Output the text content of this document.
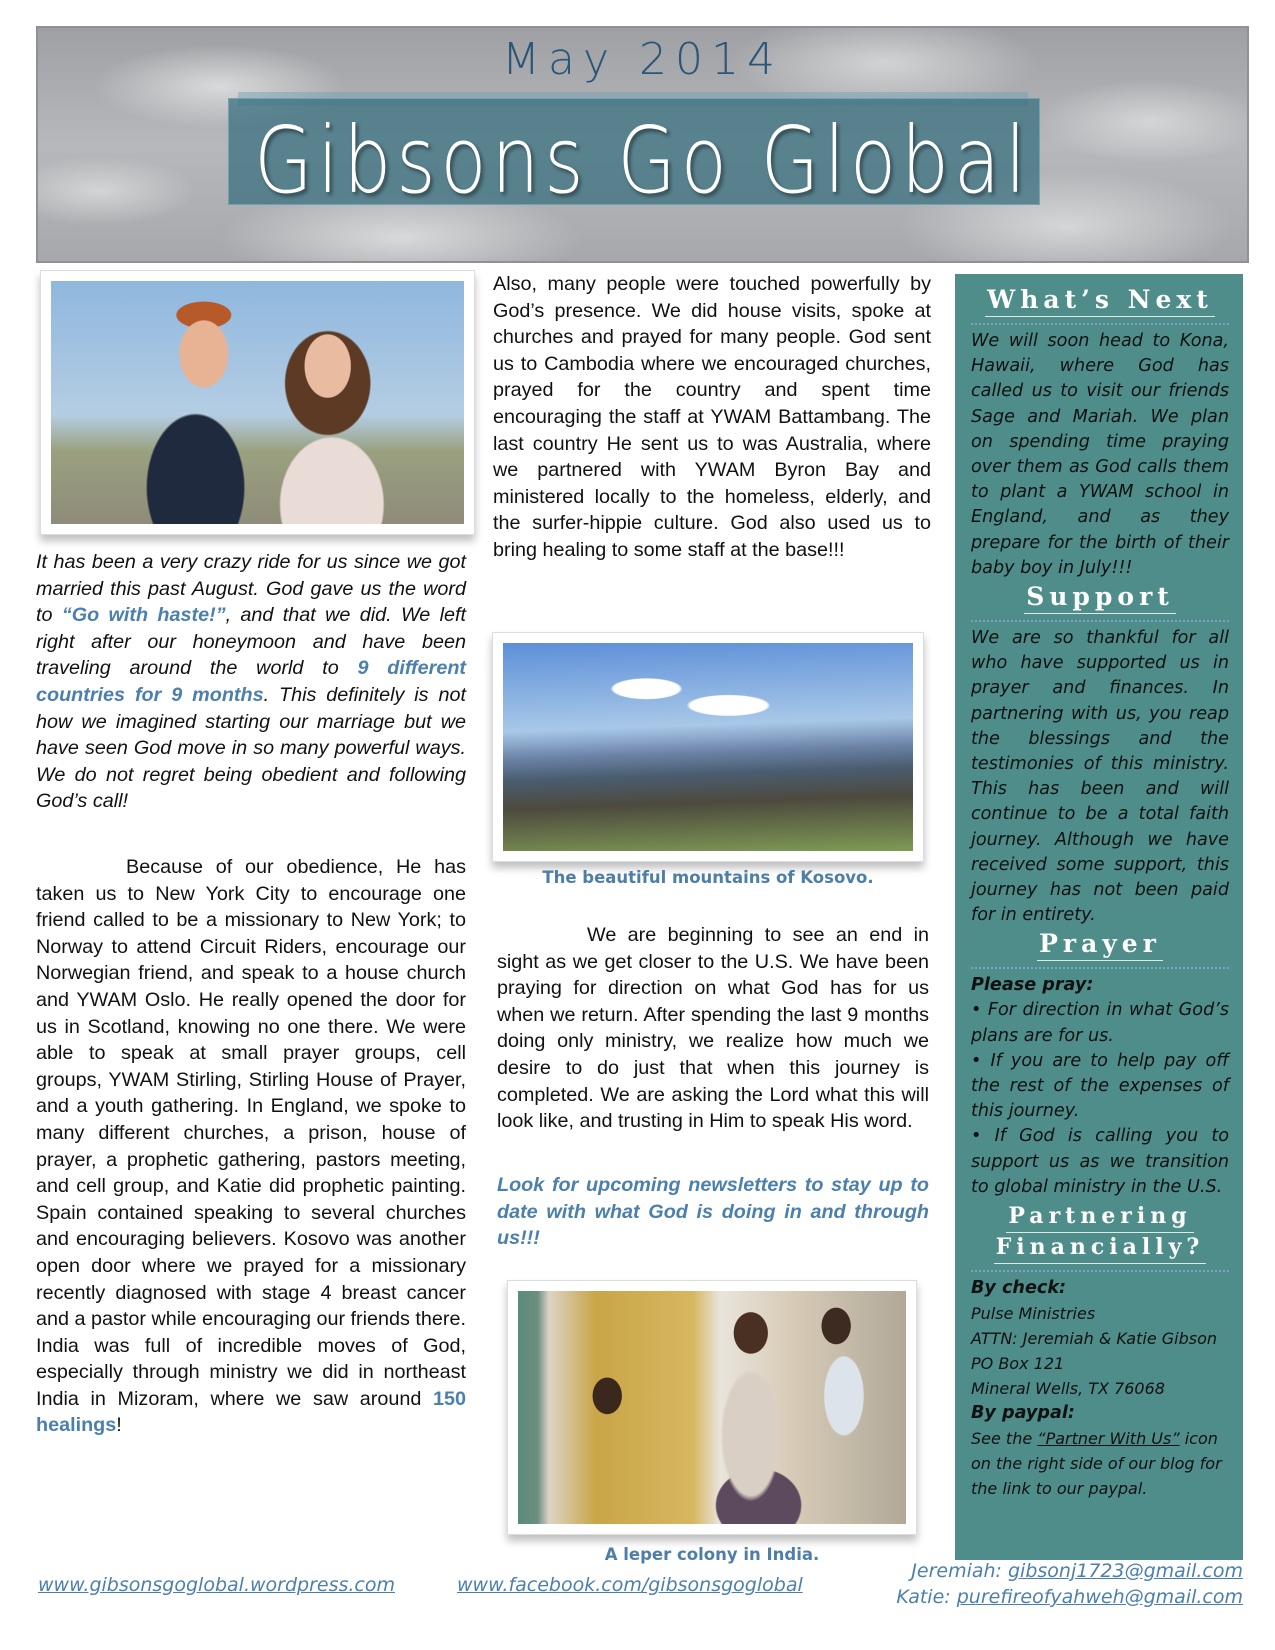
May 2014
Gibsons Go Global

It has been a very crazy ride for us since we got married this past August. God gave us the word to “Go with haste!”, and that we did. We left right after our honeymoon and have been traveling around the world to 9 different countries for 9 months. This definitely is not how we imagined starting our marriage but we have seen God move in so many powerful ways. We do not regret being obedient and following God’s call!

Because of our obedience, He has taken us to New York City to encourage one friend called to be a missionary to New York; to Norway to attend Circuit Riders, encourage our Norwegian friend, and speak to a house church and YWAM Oslo. He really opened the door for us in Scotland, knowing no one there. We were able to speak at small prayer groups, cell groups, YWAM Stirling, Stirling House of Prayer, and a youth gathering. In England, we spoke to many different churches, a prison, house of prayer, a prophetic gathering, pastors meeting, and cell group, and Katie did prophetic painting. Spain contained speaking to several churches and encouraging believers. Kosovo was another open door where we prayed for a missionary recently diagnosed with stage 4 breast cancer and a pastor while encouraging our friends there. India was full of incredible moves of God, especially through ministry we did in northeast India in Mizoram, where we saw around 150 healings!

Also, many people were touched powerfully by God’s presence. We did house visits, spoke at churches and prayed for many people. God sent us to Cambodia where we encouraged churches, prayed for the country and spent time encouraging the staff at YWAM Battambang. The last country He sent us to was Australia, where we partnered with YWAM Byron Bay and ministered locally to the homeless, elderly, and the surfer-hippie culture. God also used us to bring healing to some staff at the base!!!

The beautiful mountains of Kosovo.

We are beginning to see an end in sight as we get closer to the U.S. We have been praying for direction on what God has for us when we return. After spending the last 9 months doing only ministry, we realize how much we desire to do just that when this journey is completed. We are asking the Lord what this will look like, and trusting in Him to speak His word.

Look for upcoming newsletters to stay up to date with what God is doing in and through us!!!
A leper colony in India.
What’s Next
We will soon head to Kona, Hawaii, where God has called us to visit our friends Sage and Mariah. We plan on spending time praying over them as God calls them to plant a YWAM school in England, and as they prepare for the birth of their baby boy in July!!!
Support
We are so thankful for all who have supported us in prayer and finances. In partnering with us, you reap the blessings and the testimonies of this ministry. This has been and will continue to be a total faith journey. Although we have received some support, this journey has not been paid for in entirety.
Prayer
Please pray:
• For direction in what God’s plans are for us.
• If you are to help pay off the rest of the expenses of this journey.
• If God is calling you to support us as we transition to global ministry in the U.S.
Partnering
Financially?
By check:
Pulse Ministries
ATTN: Jeremiah & Katie Gibson
PO Box 121
Mineral Wells, TX 76068
By paypal:
See the “Partner With Us” icon on the right side of our blog for the link to our paypal.
www.gibsonsgoglobal.wordpress.com	www.facebook.com/gibsonsgoglobal
Jeremiah: gibsonj1723@gmail.com
Katie: purefireofyahweh@gmail.com
